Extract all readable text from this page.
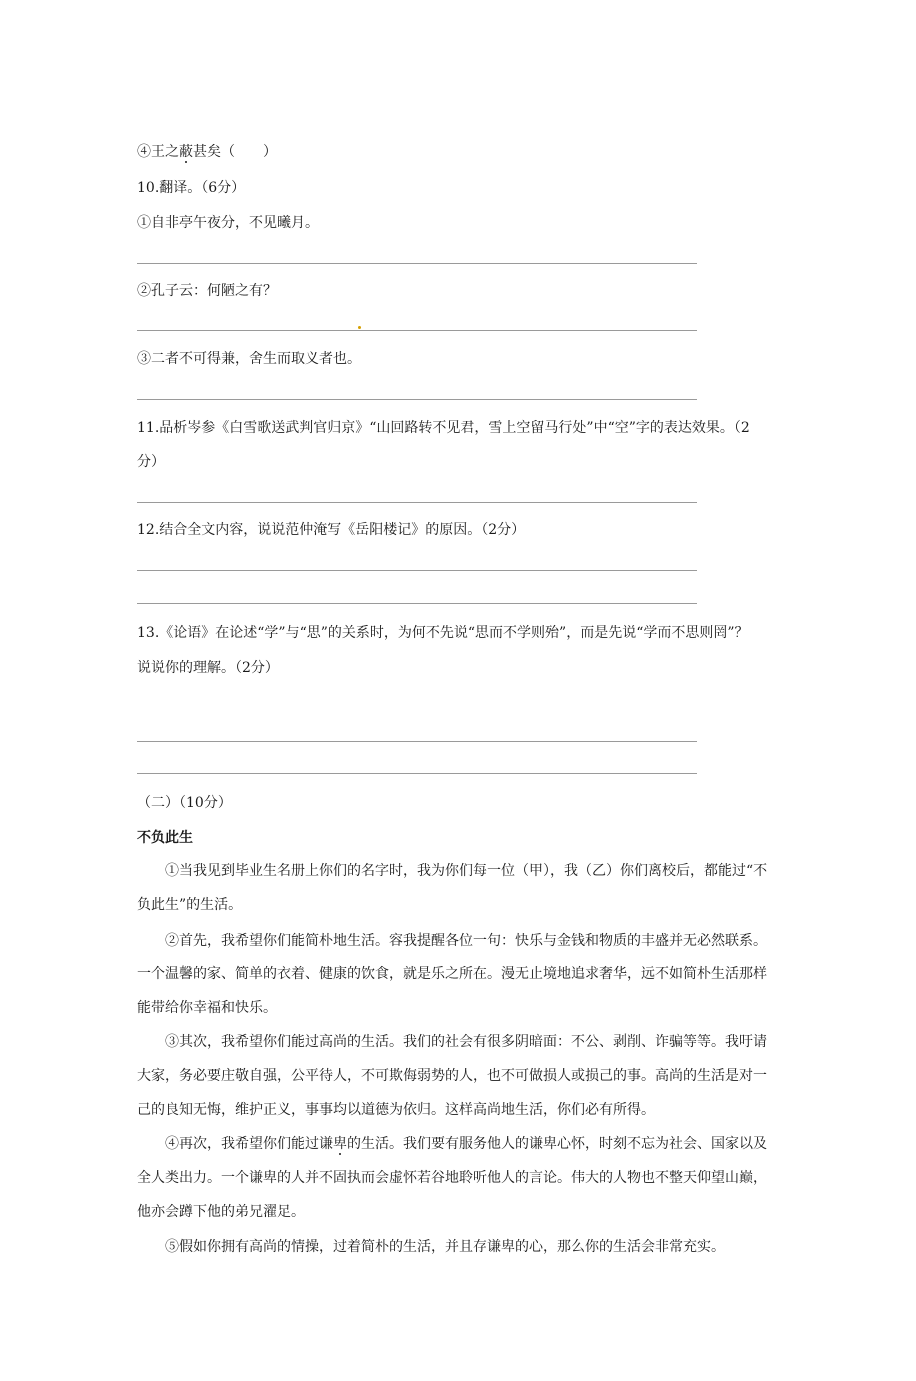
④王之蔽甚矣（　　）
10.翻译。（6分）
①自非亭午夜分，不见曦月。
②孔子云：何陋之有？
③二者不可得兼，舍生而取义者也。
11.品析岑参《白雪歌送武判官归京》“山回路转不见君，雪上空留马行处”中“空”字的表达效果。（2
分）
12.结合全文内容，说说范仲淹写《岳阳楼记》的原因。（2分）
13.《论语》在论述“学”与“思”的关系时，为何不先说“思而不学则殆”，而是先说“学而不思则罔”？
说说你的理解。（2分）
（二）（10分）
不负此生
①当我见到毕业生名册上你们的名字时，我为你们每一位（甲），我（乙）你们离校后，都能过“不
负此生”的生活。
②首先，我希望你们能简朴地生活。容我提醒各位一句：快乐与金钱和物质的丰盛并无必然联系。
一个温馨的家、简单的衣着、健康的饮食，就是乐之所在。漫无止境地追求奢华，远不如简朴生活那样
能带给你幸福和快乐。
③其次，我希望你们能过高尚的生活。我们的社会有很多阴暗面：不公、剥削、诈骗等等。我吁请
大家，务必要庄敬自强，公平待人，不可欺侮弱势的人，也不可做损人或损己的事。高尚的生活是对一
己的良知无悔，维护正义，事事均以道德为依归。这样高尚地生活，你们必有所得。
④再次，我希望你们能过谦卑的生活。我们要有服务他人的谦卑心怀，时刻不忘为社会、国家以及
全人类出力。一个谦卑的人并不固执而会虚怀若谷地聆听他人的言论。伟大的人物也不整天仰望山巅，
他亦会蹲下他的弟兄濯足。
⑤假如你拥有高尚的情操，过着简朴的生活，并且存谦卑的心，那么你的生活会非常充实。
